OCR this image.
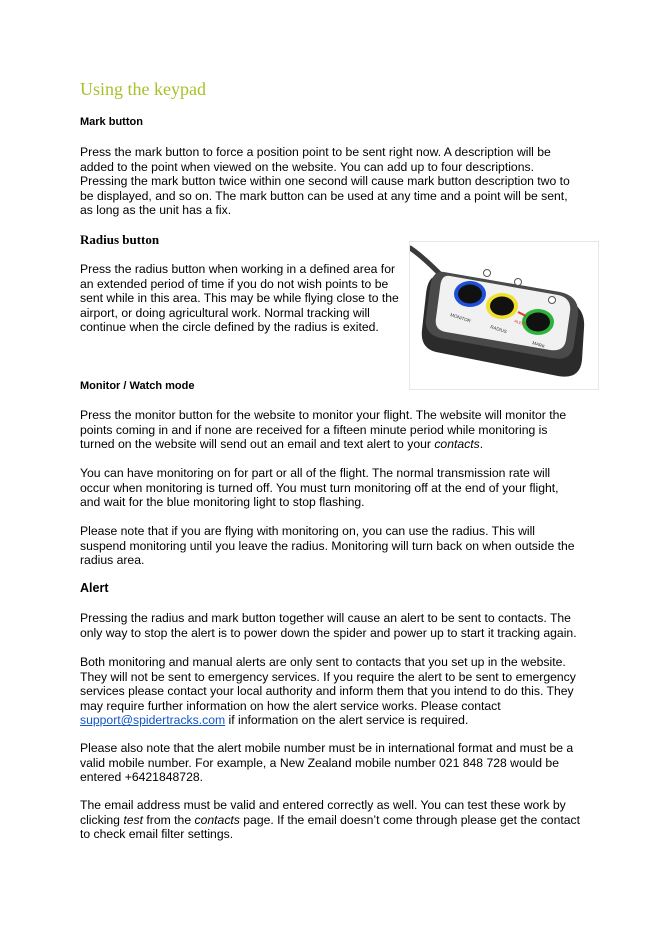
Using the keypad
Mark button

Press the mark button to force a position point to be sent right now. A description will be added to the point when viewed on the website. You can add up to four descriptions. Pressing the mark button twice within one second will cause mark button description two to be displayed, and so on. The mark button can be used at any time and a point will be sent, as long as the unit has a fix.

Radius button

Press the radius button when working in a defined area for an extended period of time if you do not wish points to be sent while in this area. This may be while flying close to the airport, or doing agricultural work. Normal tracking will continue when the circle defined by the radius is exited.

Monitor / Watch mode

Press the monitor button for the website to monitor your flight. The website will monitor the points coming in and if none are received for a fifteen minute period while monitoring is turned on the website will send out an email and text alert to your contacts.

You can have monitoring on for part or all of the flight. The normal transmission rate will occur when monitoring is turned off. You must turn monitoring off at the end of your flight, and wait for the blue monitoring light to stop flashing.

Please note that if you are flying with monitoring on, you can use the radius. This will suspend monitoring until you leave the radius. Monitoring will turn back on when outside the radius area.

Alert

Pressing the radius and mark button together will cause an alert to be sent to contacts. The only way to stop the alert is to power down the spider and power up to start it tracking again.

Both monitoring and manual alerts are only sent to contacts that you set up in the website. They will not be sent to emergency services. If you require the alert to be sent to emergency services please contact your local authority and inform them that you intend to do this. They may require further information on how the alert service works. Please contact support@spidertracks.com if information on the alert service is required.

Please also note that the alert mobile number must be in international format and must be a valid mobile number. For example, a New Zealand mobile number 021 848 728 would be entered +6421848728.

The email address must be valid and entered correctly as well. You can test these work by clicking test from the contacts page. If the email doesn’t come through please get the contact to check email filter settings.

MONITOR
RADIUS
ALERT
MARK
